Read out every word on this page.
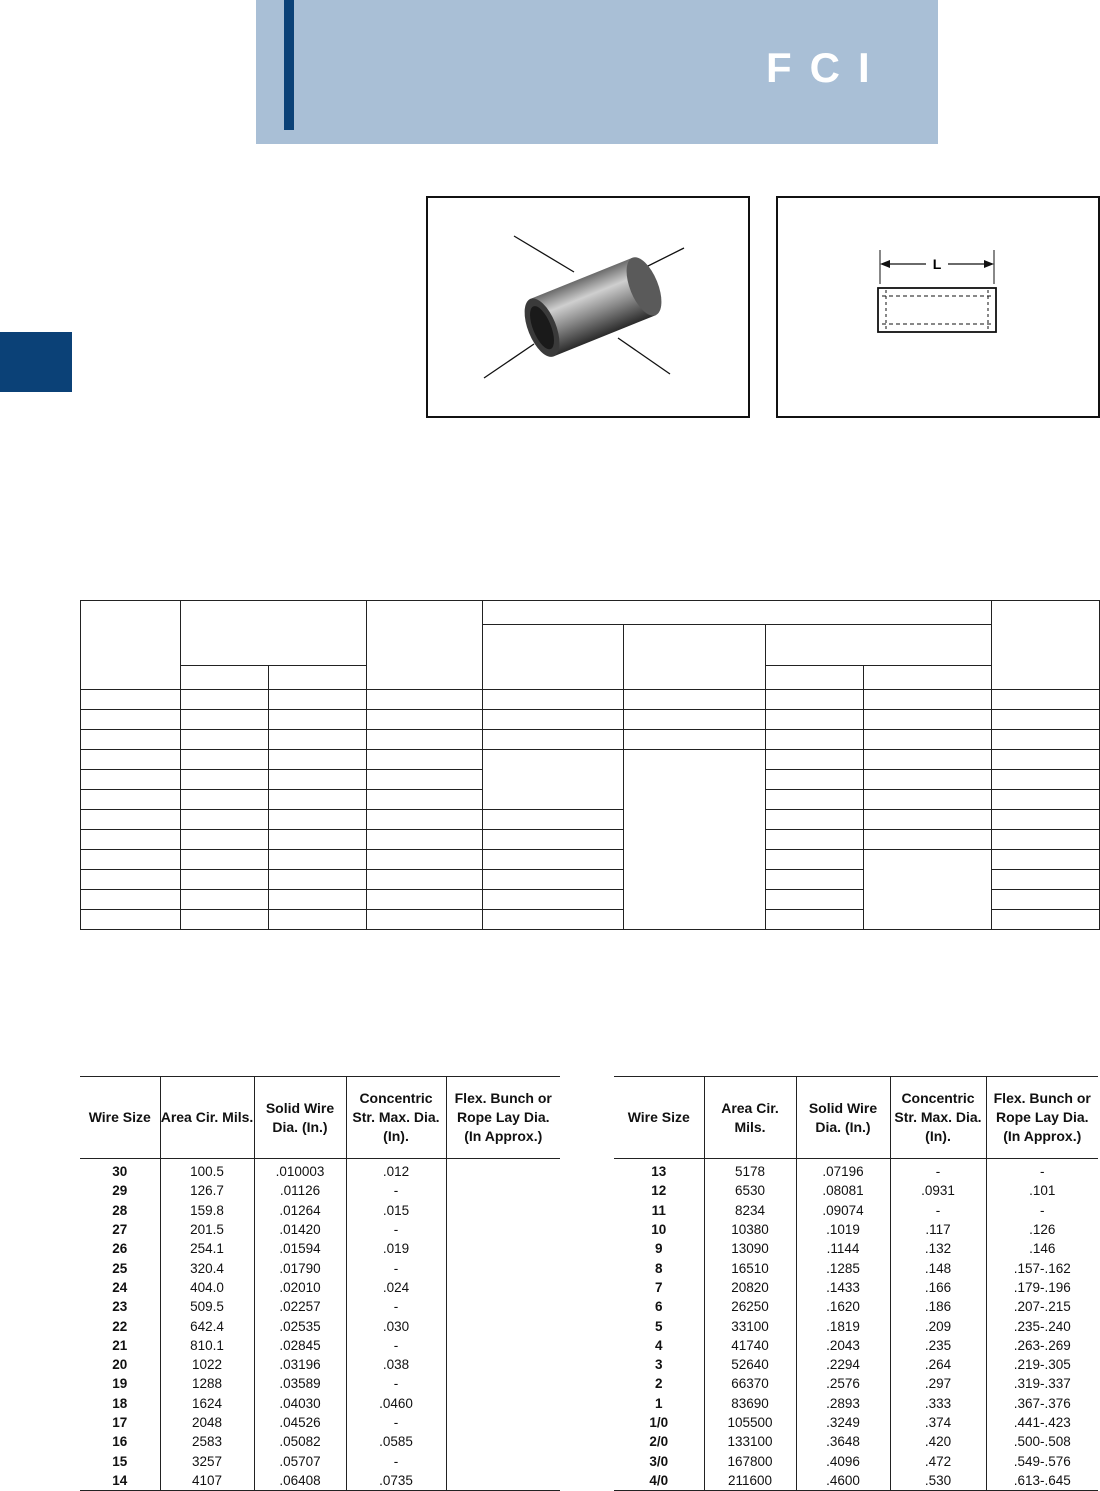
FCI
L

Wire Size	Area Cir. Mils.	Solid Wire Dia. (In.)	Concentric Str. Max. Dia. (In).	Flex. Bunch or Rope Lay Dia. (In Approx.)
30	100.5	.010003	.012	
29	126.7	.01126	-	
28	159.8	.01264	.015	
27	201.5	.01420	-	
26	254.1	.01594	.019	
25	320.4	.01790	-	
24	404.0	.02010	.024	
23	509.5	.02257	-	
22	642.4	.02535	.030	
21	810.1	.02845	-	
20	1022	.03196	.038	
19	1288	.03589	-	
18	1624	.04030	.0460	
17	2048	.04526	-	
16	2583	.05082	.0585	
15	3257	.05707	-	
14	4107	.06408	.0735	
Wire Size	Area Cir. Mils.	Solid Wire Dia. (In.)	Concentric Str. Max. Dia. (In).	Flex. Bunch or Rope Lay Dia. (In Approx.)
13	5178	.07196	-	-
12	6530	.08081	.0931	.101
11	8234	.09074	-	-
10	10380	.1019	.117	.126
9	13090	.1144	.132	.146
8	16510	.1285	.148	.157-.162
7	20820	.1433	.166	.179-.196
6	26250	.1620	.186	.207-.215
5	33100	.1819	.209	.235-.240
4	41740	.2043	.235	.263-.269
3	52640	.2294	.264	.219-.305
2	66370	.2576	.297	.319-.337
1	83690	.2893	.333	.367-.376
1/0	105500	.3249	.374	.441-.423
2/0	133100	.3648	.420	.500-.508
3/0	167800	.4096	.472	.549-.576
4/0	211600	.4600	.530	.613-.645
